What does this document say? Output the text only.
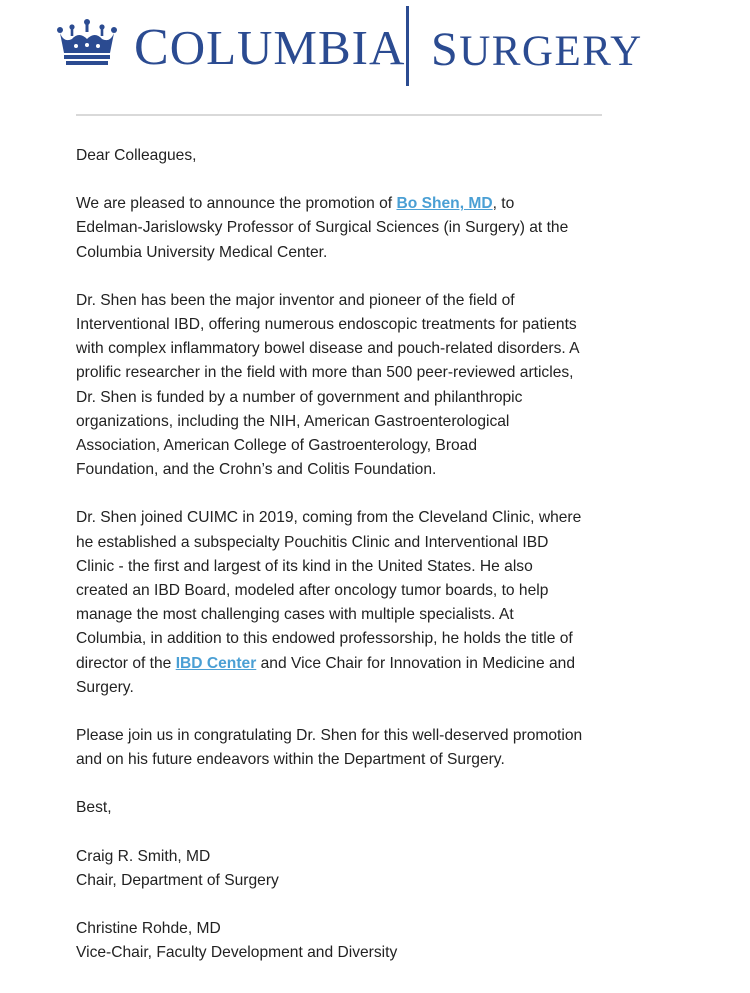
COLUMBIA SURGERY

Dear Colleagues,

We are pleased to announce the promotion of Bo Shen, MD, to
Edelman-Jarislowsky Professor of Surgical Sciences (in Surgery) at the
Columbia University Medical Center.

Dr. Shen has been the major inventor and pioneer of the field of
Interventional IBD, offering numerous endoscopic treatments for patients
with complex inflammatory bowel disease and pouch-related disorders. A
prolific researcher in the field with more than 500 peer-reviewed articles,
Dr. Shen is funded by a number of government and philanthropic
organizations, including the NIH, American Gastroenterological
Association, American College of Gastroenterology, Broad
Foundation, and the Crohn’s and Colitis Foundation.

Dr. Shen joined CUIMC in 2019, coming from the Cleveland Clinic, where
he established a subspecialty Pouchitis Clinic and Interventional IBD
Clinic - the first and largest of its kind in the United States. He also
created an IBD Board, modeled after oncology tumor boards, to help
manage the most challenging cases with multiple specialists. At
Columbia, in addition to this endowed professorship, he holds the title of
director of the IBD Center and Vice Chair for Innovation in Medicine and
Surgery.

Please join us in congratulating Dr. Shen for this well-deserved promotion
and on his future endeavors within the Department of Surgery.

Best,

Craig R. Smith, MD
Chair, Department of Surgery

Christine Rohde, MD
Vice-Chair, Faculty Development and Diversity
